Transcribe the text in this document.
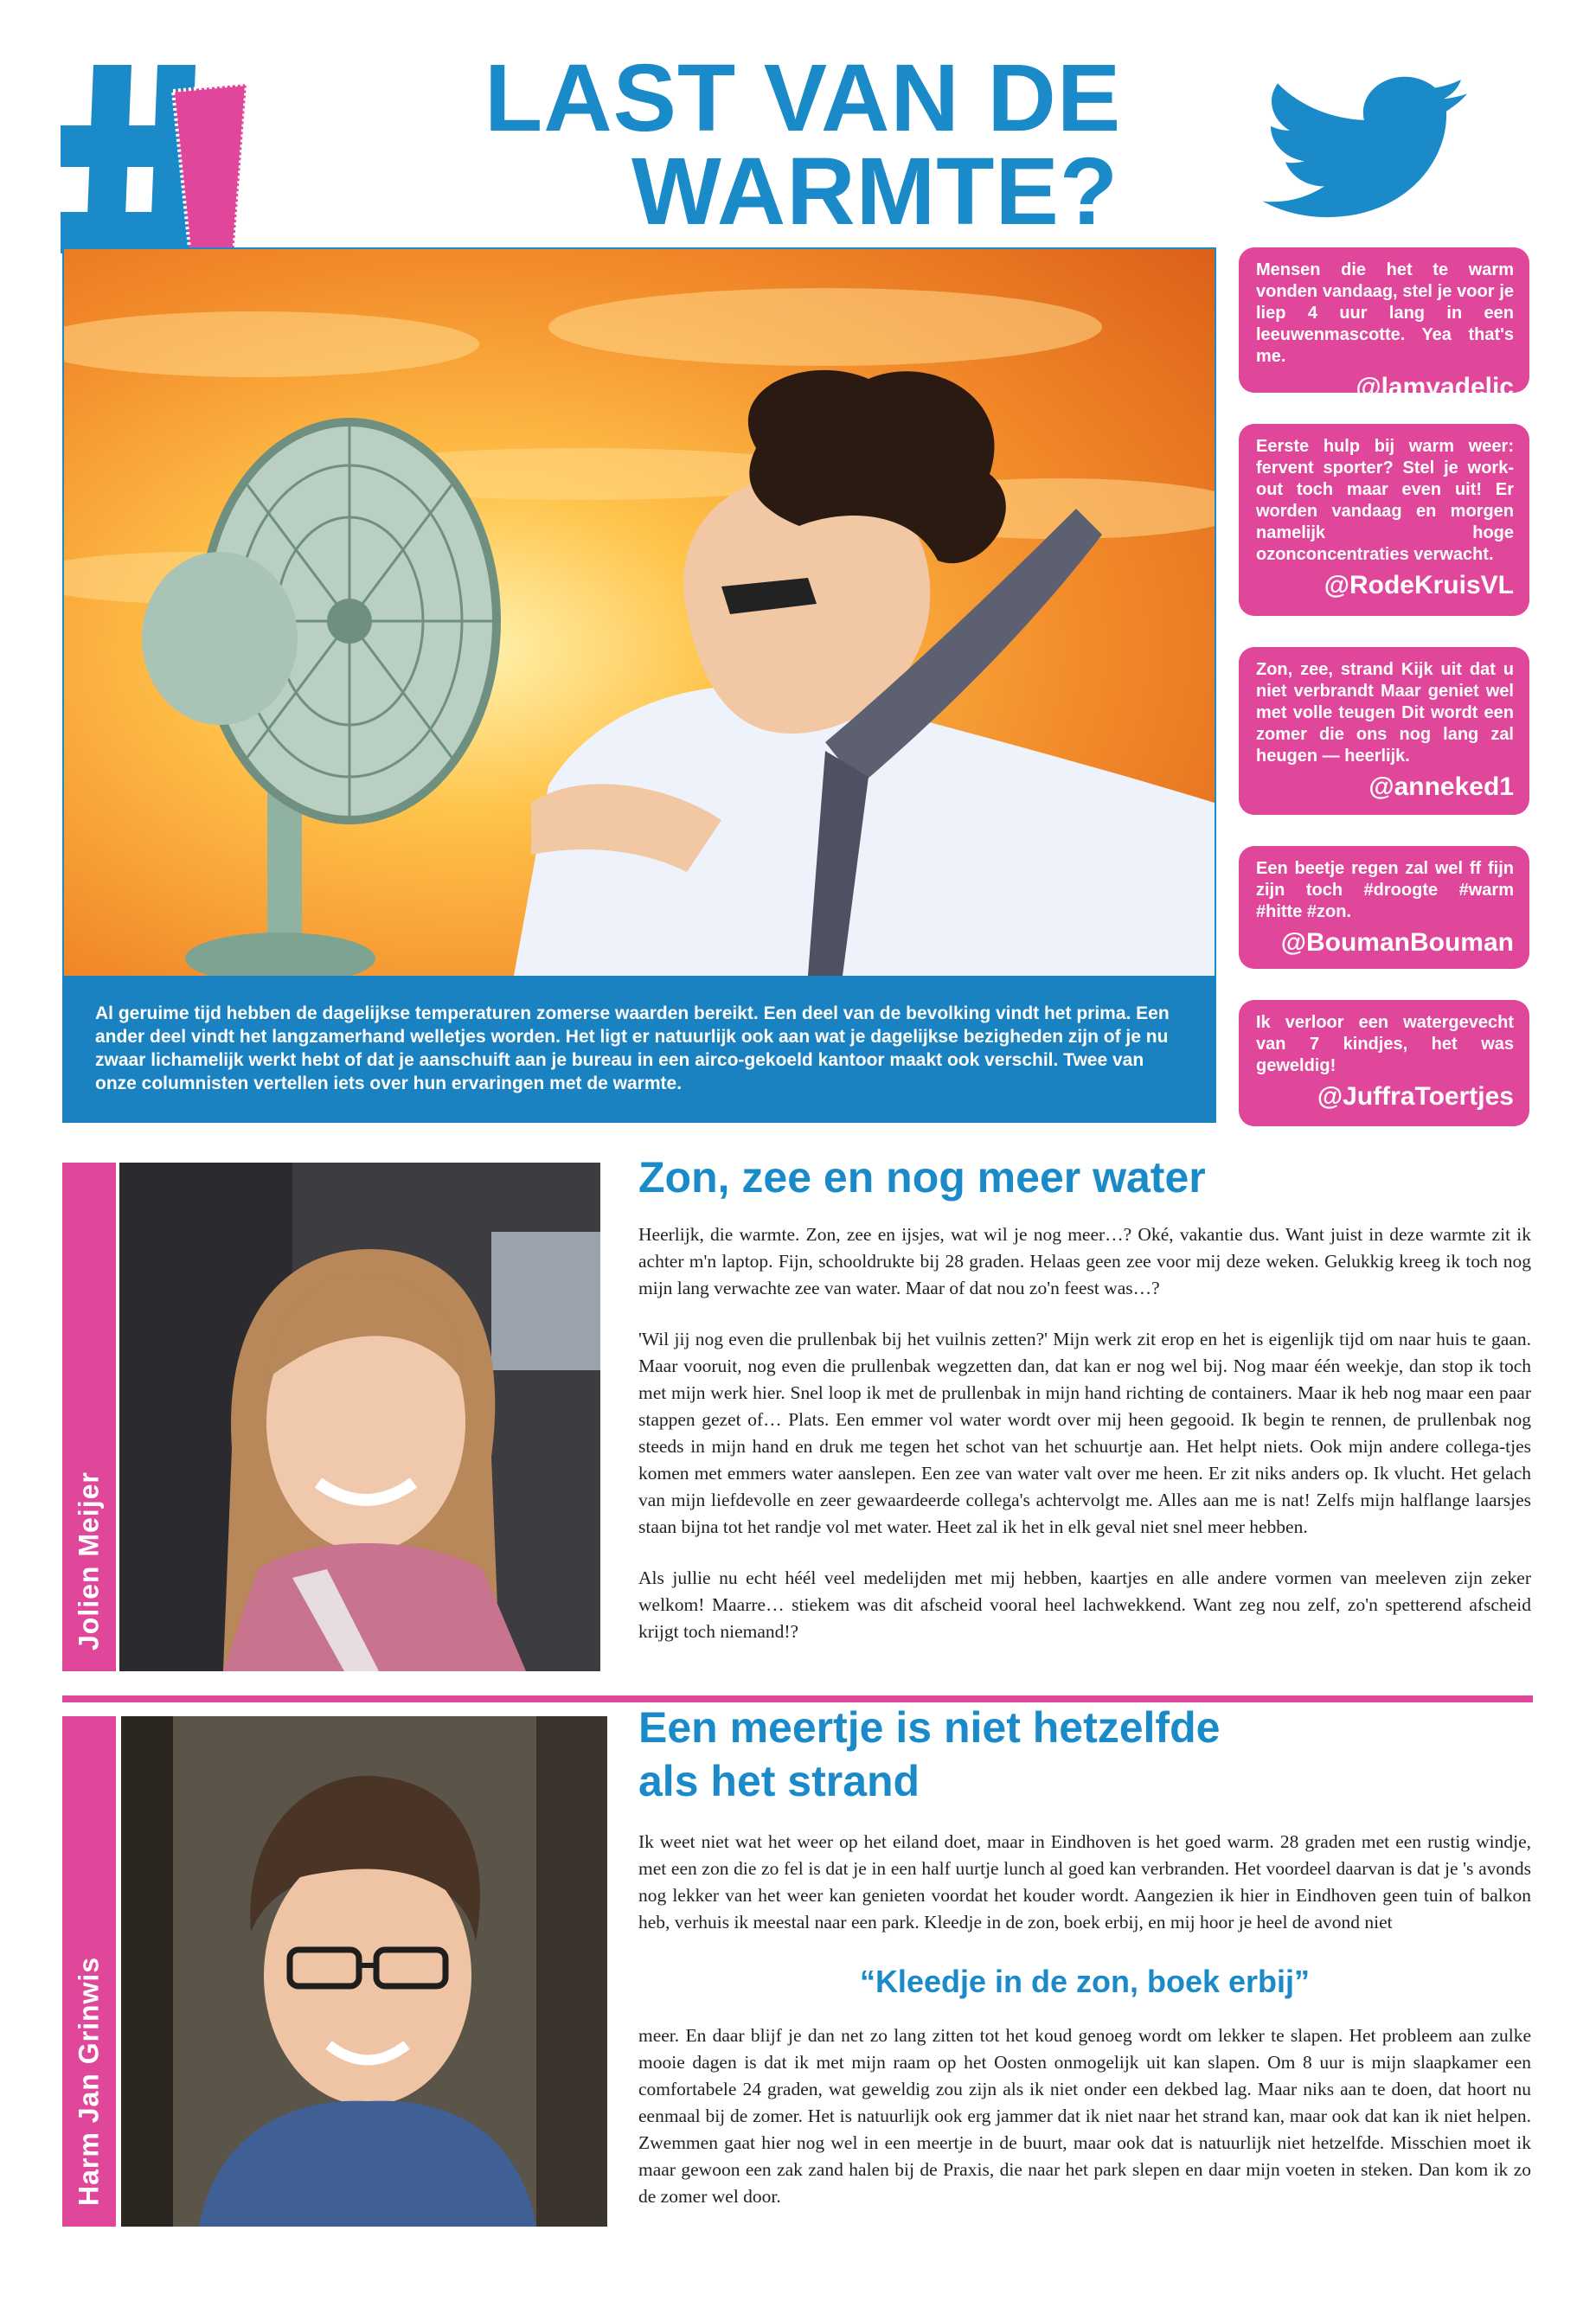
LAST VAN DE
WARMTE?
Al geruime tijd hebben de dagelijkse temperaturen zomerse waarden bereikt. Een deel van de bevolking vindt het prima. Een ander deel vindt het langzamerhand welletjes worden. Het ligt er natuurlijk ook aan wat je dagelijkse bezigheden zijn of je nu zwaar lichamelijk werkt hebt of dat je aanschuift aan je bureau in een airco-gekoeld kantoor maakt ook verschil. Twee van onze columnisten vertellen iets over hun ervaringen met de warmte.
Mensen die het te warm vonden vandaag, stel je voor je liep 4 uur lang in een leeuwenmascotte. Yea that's me.
@lamyadelic
Eerste hulp bij warm weer: fervent sporter? Stel je work-out toch maar even uit! Er worden vandaag en morgen namelijk hoge ozonconcentraties verwacht.
@RodeKruisVL
Zon, zee, strand Kijk uit dat u niet verbrandt Maar geniet wel met volle teugen Dit wordt een zomer die ons nog lang zal heugen — heerlijk.
@anneked1
Een beetje regen zal wel ff fijn zijn toch #droogte #warm #hitte #zon.
@BoumanBouman
Ik verloor een watergevecht van 7 kindjes, het was geweldig!
@JuffraToertjes
Jolien Meijer
Zon, zee en nog meer water

Heerlijk, die warmte. Zon, zee en ijsjes, wat wil je nog meer…? Oké, vakantie dus. Want juist in deze warmte zit ik achter m'n laptop. Fijn, schooldrukte bij 28 graden. Helaas geen zee voor mij deze weken. Gelukkig kreeg ik toch nog mijn lang verwachte zee van water. Maar of dat nou zo'n feest was…?

'Wil jij nog even die prullenbak bij het vuilnis zetten?' Mijn werk zit erop en het is eigenlijk tijd om naar huis te gaan. Maar vooruit, nog even die prullenbak wegzetten dan, dat kan er nog wel bij. Nog maar één weekje, dan stop ik toch met mijn werk hier. Snel loop ik met de prullenbak in mijn hand richting de containers. Maar ik heb nog maar een paar stappen gezet of… Plats. Een emmer vol water wordt over mij heen gegooid. Ik begin te rennen, de prullenbak nog steeds in mijn hand en druk me tegen het schot van het schuurtje aan. Het helpt niets. Ook mijn andere collega-tjes komen met emmers water aanslepen. Een zee van water valt over me heen. Er zit niks anders op. Ik vlucht. Het gelach van mijn liefdevolle en zeer gewaardeerde collega's achtervolgt me. Alles aan me is nat! Zelfs mijn halflange laarsjes staan bijna tot het randje vol met water. Heet zal ik het in elk geval niet snel meer hebben.

Als jullie nu echt héél veel medelijden met mij hebben, kaartjes en alle andere vormen van meeleven zijn zeker welkom! Maarre… stiekem was dit afscheid vooral heel lachwekkend. Want zeg nou zelf, zo'n spetterend afscheid krijgt toch niemand!?

Harm Jan Grinwis
Een meertje is niet hetzelfde
als het strand

Ik weet niet wat het weer op het eiland doet, maar in Eindhoven is het goed warm. 28 graden met een rustig windje, met een zon die zo fel is dat je in een half uurtje lunch al goed kan verbranden. Het voordeel daarvan is dat je 's avonds nog lekker van het weer kan genieten voordat het kouder wordt. Aangezien ik hier in Eindhoven geen tuin of balkon heb, verhuis ik meestal naar een park. Kleedje in de zon, boek erbij, en mij hoor je heel de avond niet

“Kleedje in de zon, boek erbij”

meer. En daar blijf je dan net zo lang zitten tot het koud genoeg wordt om lekker te slapen. Het probleem aan zulke mooie dagen is dat ik met mijn raam op het Oosten onmogelijk uit kan slapen. Om 8 uur is mijn slaapkamer een comfortabele 24 graden, wat geweldig zou zijn als ik niet onder een dekbed lag. Maar niks aan te doen, dat hoort nu eenmaal bij de zomer. Het is natuurlijk ook erg jammer dat ik niet naar het strand kan, maar ook dat kan ik niet helpen. Zwemmen gaat hier nog wel in een meertje in de buurt, maar ook dat is natuurlijk niet hetzelfde. Misschien moet ik maar gewoon een zak zand halen bij de Praxis, die naar het park slepen en daar mijn voeten in steken. Dan kom ik zo de zomer wel door.
